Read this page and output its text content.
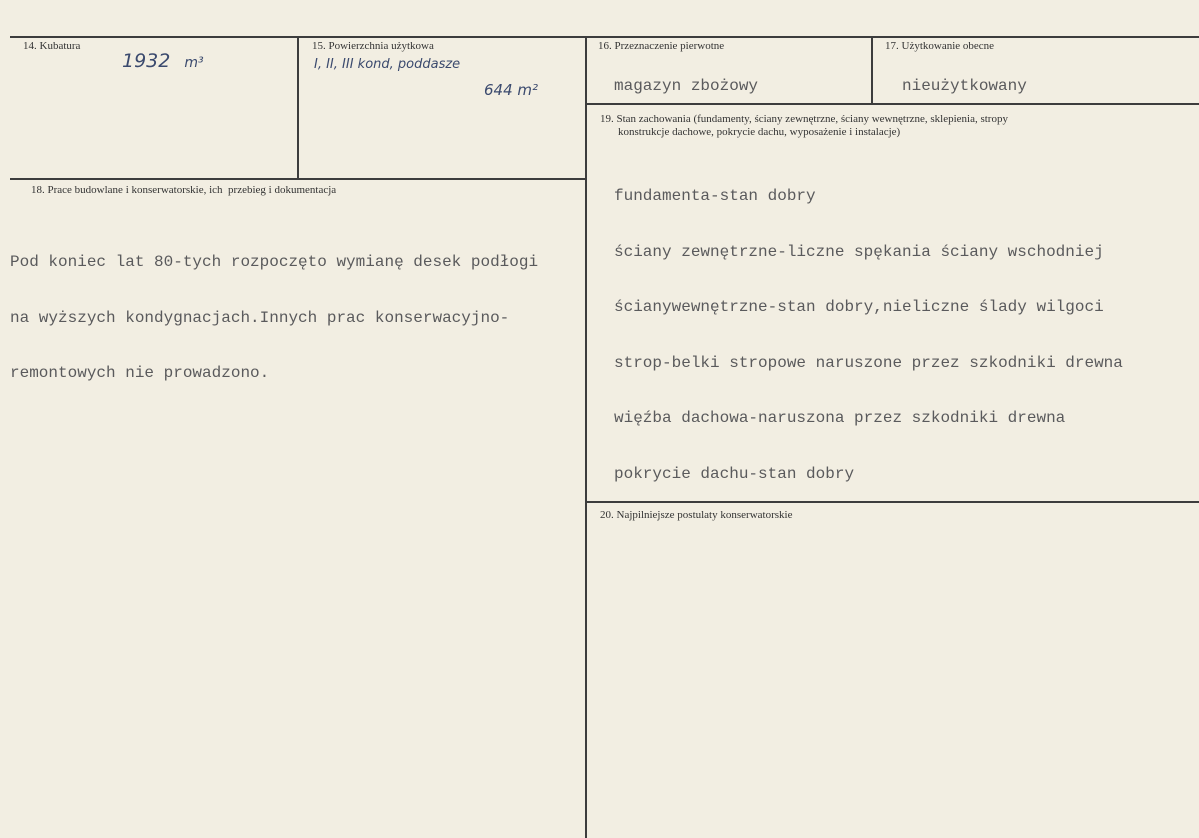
14. Kubatura
1932 m³
15. Powierzchnia użytkowa
I, II, III kond, poddasze
644 m²
16. Przeznaczenie pierwotne
magazyn zbożowy
17. Użytkowanie obecne
nieużytkowany
19. Stan zachowania (fundamenty, ściany zewnętrzne, ściany wewnętrzne, sklepienia, stropy
konstrukcje dachowe, pokrycie dachu, wyposażenie i instalacje)

fundamenta-stan dobry

ściany zewnętrzne-liczne spękania ściany wschodniej

ścianywewnętrzne-stan dobry,nieliczne ślady wilgoci

strop-belki stropowe naruszone przez szkodniki drewna

więźba dachowa-naruszona przez szkodniki drewna

pokrycie dachu-stan dobry

18. Prace budowlane i konserwatorskie, ich  przebieg i dokumentacja

Pod koniec lat 80-tych rozpoczęto wymianę desek podłogi

na wyższych kondygnacjach.Innych prac konserwacyjno-

remontowych nie prowadzono.

20. Najpilniejsze postulaty konserwatorskie
